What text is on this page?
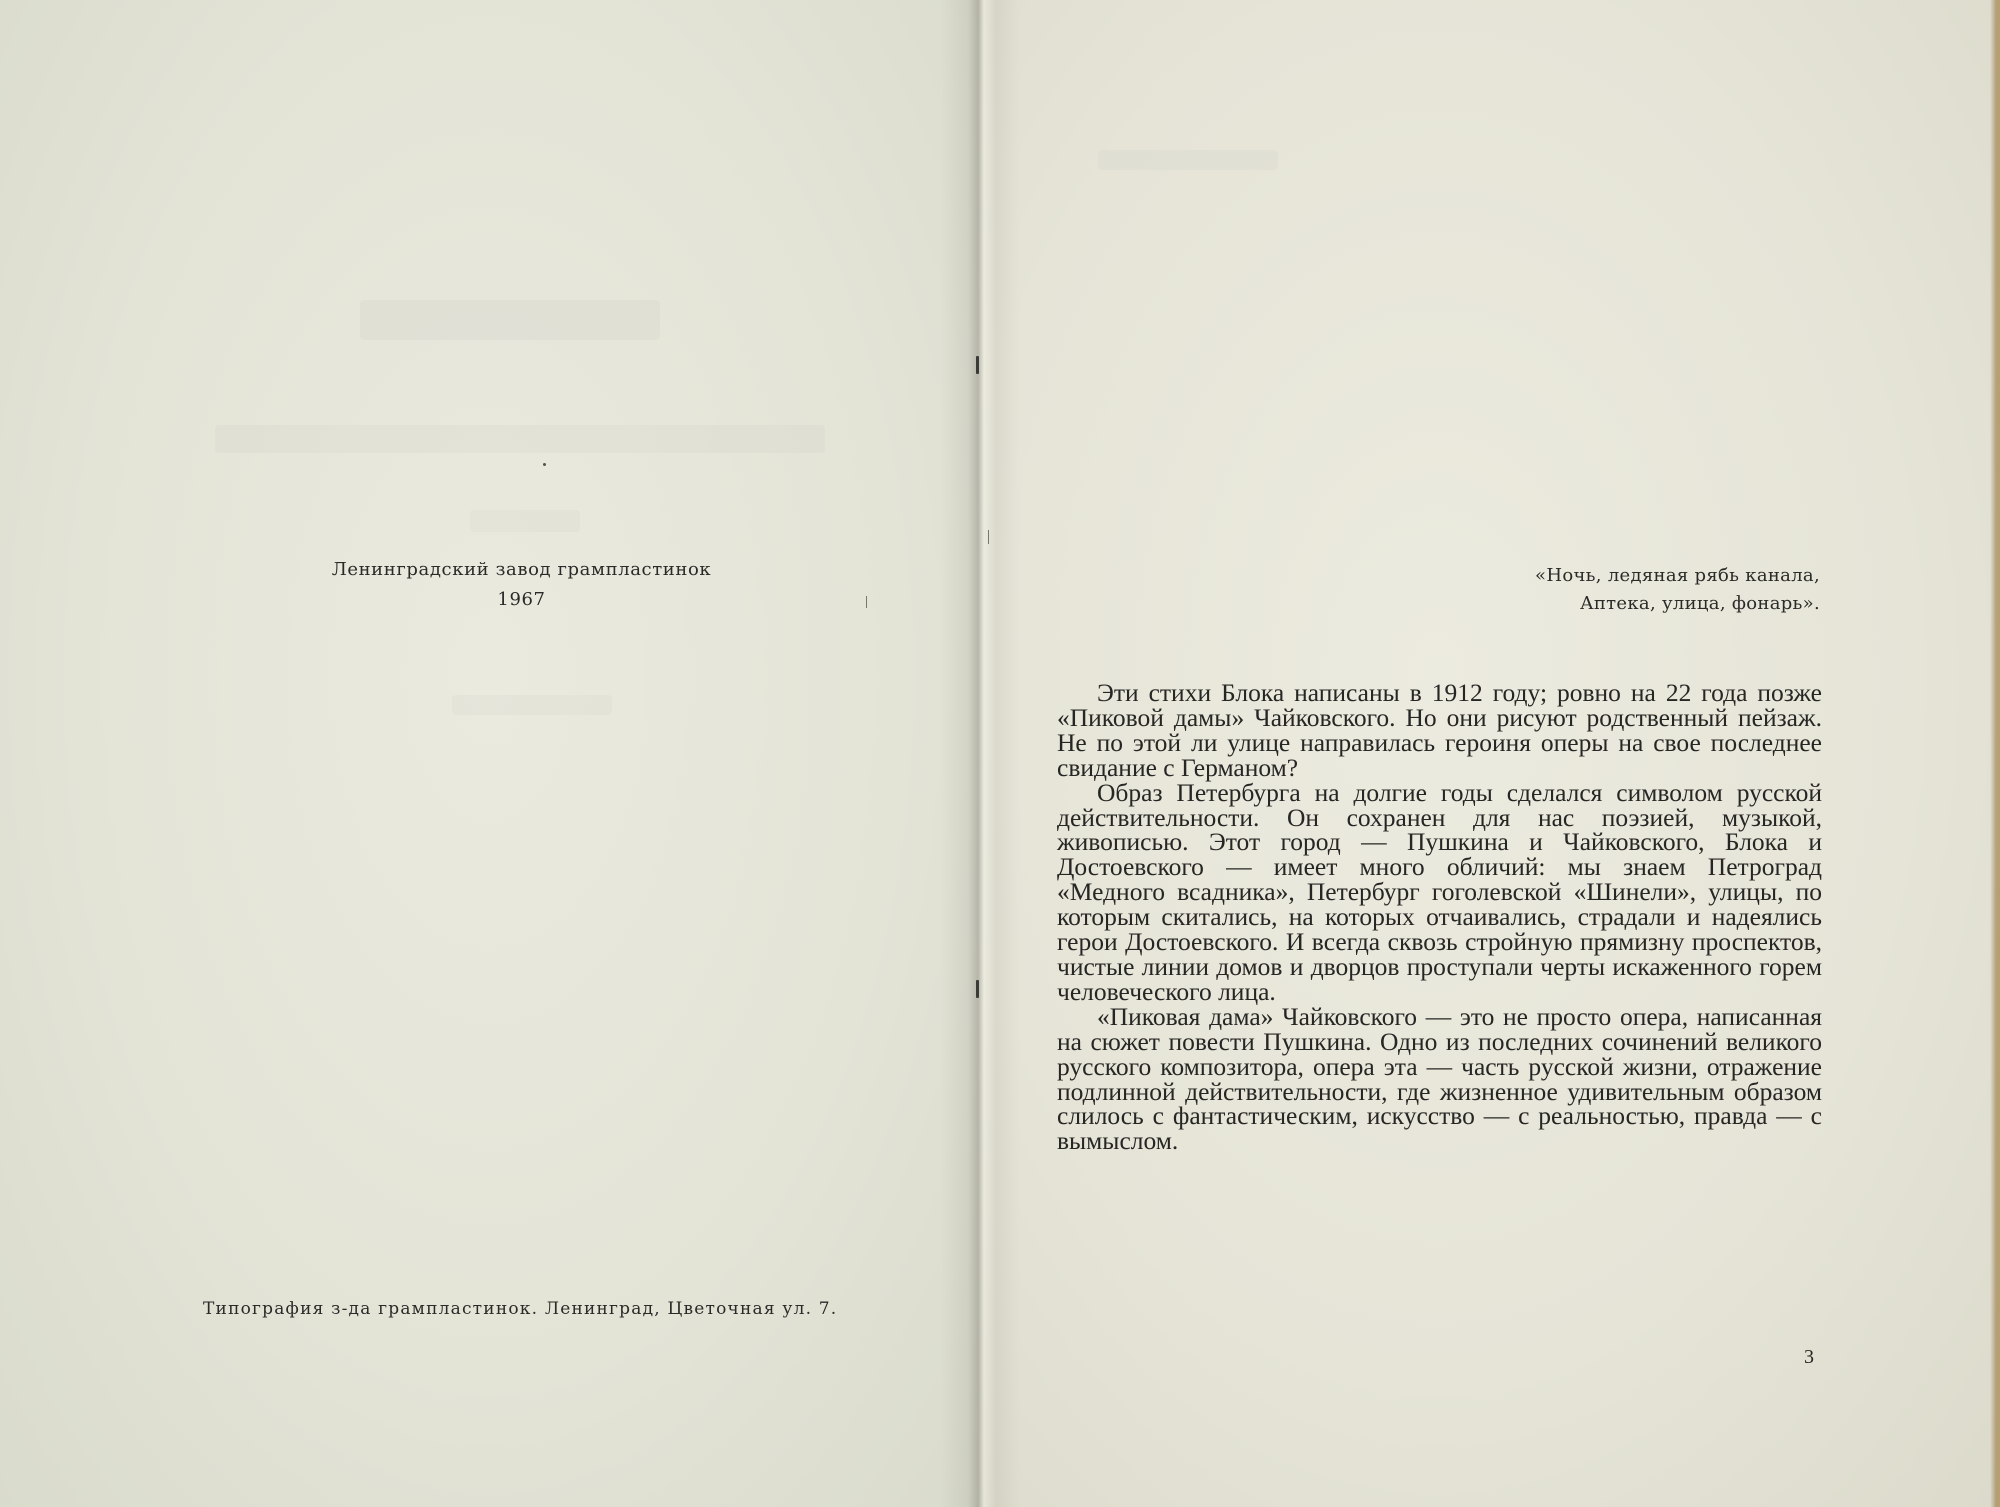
Ленинградский завод грампластинок
1967
Типография з-да грампластинок. Ленинград, Цветочная ул. 7.
«Ночь, ледяная рябь канала,
Аптека, улица, фонарь».

Эти стихи Блока написаны в 1912 году; ровно на 22 года позже «Пиковой дамы» Чайковского. Но они рисуют родственный пейзаж. Не по этой ли улице направилась героиня оперы на свое последнее свидание с Германом?

Образ Петербурга на долгие годы сделался символом русской действительности. Он сохранен для нас поэзией, музыкой, живописью. Этот город — Пушкина и Чайковского, Блока и Достоевского — имеет много обличий: мы знаем Петроград «Медного всадника», Петербург гоголевской «Шинели», улицы, по которым скитались, на которых отчаивались, страдали и надеялись герои Достоевского. И всегда сквозь стройную прямизну проспектов, чистые линии домов и дворцов проступали черты искаженного горем человеческого лица.

«Пиковая дама» Чайковского — это не просто опера, написанная на сюжет повести Пушкина. Одно из последних сочинений великого русского композитора, опера эта — часть русской жизни, отражение подлинной действительности, где жизненное удивительным образом слилось с фантастическим, искусство — с реальностью, правда — с вымыслом.

3
